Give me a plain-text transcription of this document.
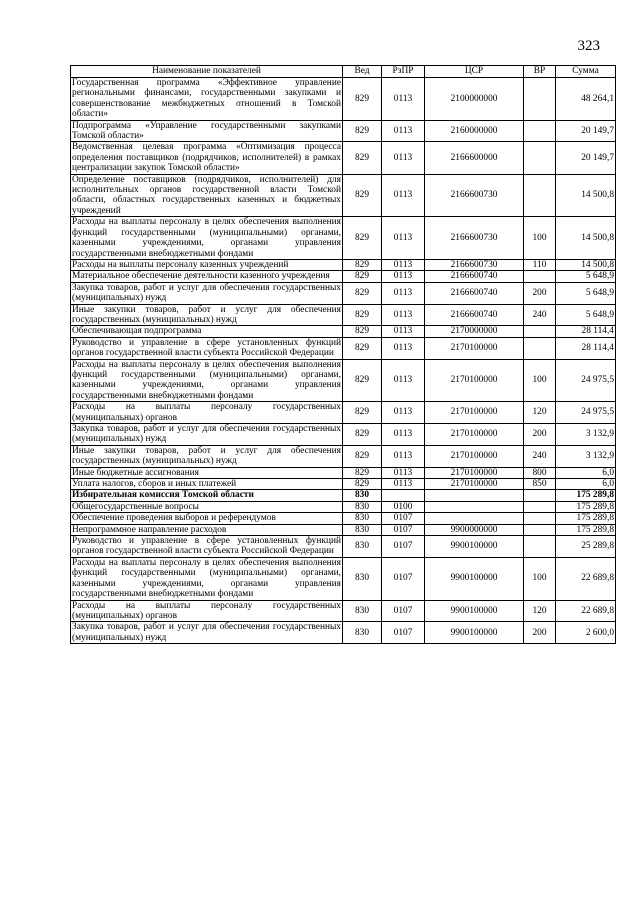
323
Наименование показателей	Вед	РзПР	ЦСР	ВР	Сумма
Государственная программа «Эффективное управление региональными финансами, государственными закупками и совершенствование межбюджетных отношений в Томской области»	829	0113	2100000000		48 264,1
Подпрограмма «Управление государственными закупками Томской области»	829	0113	2160000000		20 149,7
Ведомственная целевая программа «Оптимизация процесса определения поставщиков (подрядчиков, исполнителей) в рамках централизации закупок Томской области»	829	0113	2166600000		20 149,7
Определение поставщиков (подрядчиков, исполнителей) для исполнительных органов государственной власти Томской области, областных государственных казенных и бюджетных учреждений	829	0113	2166600730		14 500,8
Расходы на выплаты персоналу в целях обеспечения выполнения функций государственными (муниципальными) органами, казенными учреждениями, органами управления государственными внебюджетными фондами	829	0113	2166600730	100	14 500,8
Расходы на выплаты персоналу казенных учреждений	829	0113	2166600730	110	14 500,8
Материальное обеспечение деятельности казенного учреждения	829	0113	2166600740		5 648,9
Закупка товаров, работ и услуг для обеспечения государственных (муниципальных) нужд	829	0113	2166600740	200	5 648,9
Иные закупки товаров, работ и услуг для обеспечения государственных (муниципальных) нужд	829	0113	2166600740	240	5 648,9
Обеспечивающая подпрограмма	829	0113	2170000000		28 114,4
Руководство и управление в сфере установленных функций органов государственной власти субъекта Российской Федерации	829	0113	2170100000		28 114,4
Расходы на выплаты персоналу в целях обеспечения выполнения функций государственными (муниципальными) органами, казенными учреждениями, органами управления государственными внебюджетными фондами	829	0113	2170100000	100	24 975,5
Расходы на выплаты персоналу государственных (муниципальных) органов	829	0113	2170100000	120	24 975,5
Закупка товаров, работ и услуг для обеспечения государственных (муниципальных) нужд	829	0113	2170100000	200	3 132,9
Иные закупки товаров, работ и услуг для обеспечения государственных (муниципальных) нужд	829	0113	2170100000	240	3 132,9
Иные бюджетные ассигнования	829	0113	2170100000	800	6,0
Уплата налогов, сборов и иных платежей	829	0113	2170100000	850	6,0
Избирательная комиссия Томской области	830				175 289,8
Общегосударственные вопросы	830	0100			175 289,8
Обеспечение проведения выборов и референдумов	830	0107			175 289,8
Непрограммное направление расходов	830	0107	9900000000		175 289,8
Руководство и управление в сфере установленных функций органов государственной власти субъекта Российской Федерации	830	0107	9900100000		25 289,8
Расходы на выплаты персоналу в целях обеспечения выполнения функций государственными (муниципальными) органами, казенными учреждениями, органами управления государственными внебюджетными фондами	830	0107	9900100000	100	22 689,8
Расходы на выплаты персоналу государственных (муниципальных) органов	830	0107	9900100000	120	22 689,8
Закупка товаров, работ и услуг для обеспечения государственных (муниципальных) нужд	830	0107	9900100000	200	2 600,0
